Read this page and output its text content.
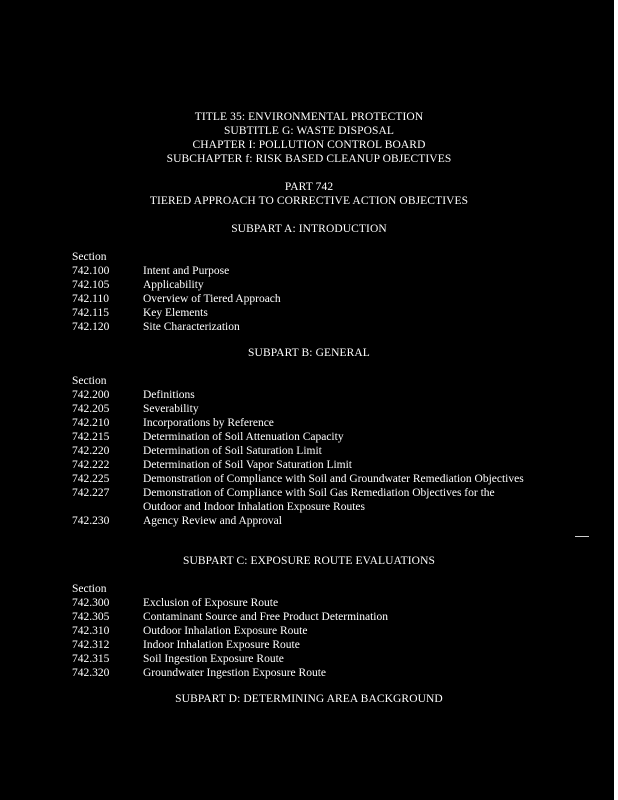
TITLE 35: ENVIRONMENTAL PROTECTION
SUBTITLE G: WASTE DISPOSAL
CHAPTER I: POLLUTION CONTROL BOARD
SUBCHAPTER f: RISK BASED CLEANUP OBJECTIVES
PART 742
TIERED APPROACH TO CORRECTIVE ACTION OBJECTIVES
SUBPART A: INTRODUCTION
Section
742.100	Intent and Purpose
742.105	Applicability
742.110	Overview of Tiered Approach
742.115	Key Elements
742.120	Site Characterization
SUBPART B: GENERAL
Section
742.200	Definitions
742.205	Severability
742.210	Incorporations by Reference
742.215	Determination of Soil Attenuation Capacity
742.220	Determination of Soil Saturation Limit
742.222	Determination of Soil Vapor Saturation Limit
742.225	Demonstration of Compliance with Soil and Groundwater Remediation Objectives
742.227	Demonstration of Compliance with Soil Gas Remediation Objectives for the Outdoor and Indoor Inhalation Exposure Routes
742.230	Agency Review and Approval
SUBPART C: EXPOSURE ROUTE EVALUATIONS
Section
742.300	Exclusion of Exposure Route
742.305	Contaminant Source and Free Product Determination
742.310	Outdoor Inhalation Exposure Route
742.312	Indoor Inhalation Exposure Route
742.315	Soil Ingestion Exposure Route
742.320	Groundwater Ingestion Exposure Route
SUBPART D: DETERMINING AREA BACKGROUND
